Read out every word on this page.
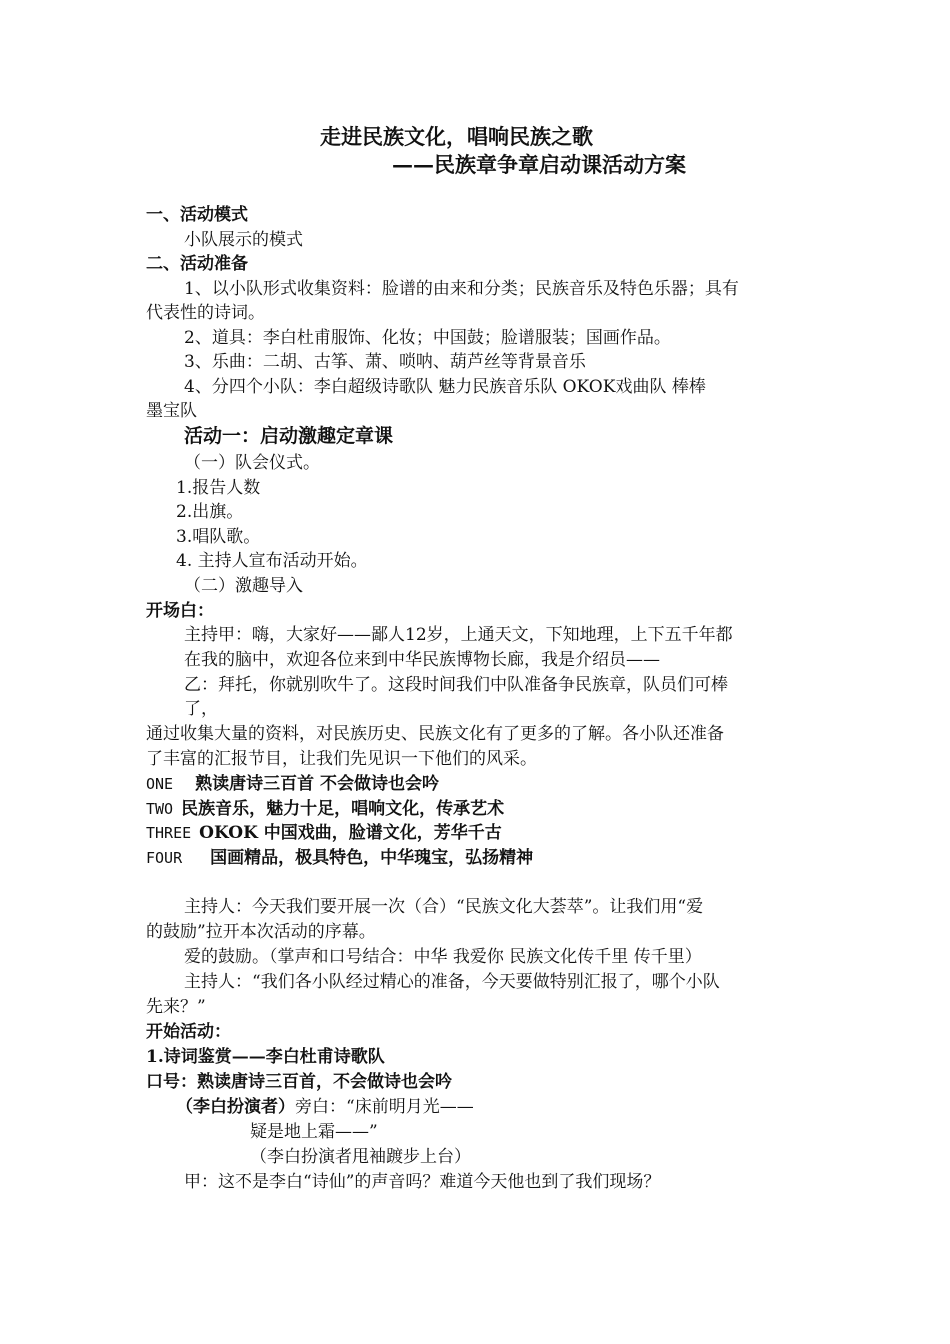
走进民族文化，唱响民族之歌
——民族章争章启动课活动方案
一、活动模式
小队展示的模式
二、活动准备
1、以小队形式收集资料：脸谱的由来和分类；民族音乐及特色乐器；具有
代表性的诗词。
2、道具：李白杜甫服饰、化妆；中国鼓；脸谱服装；国画作品。
3、乐曲：二胡、古筝、萧、唢呐、葫芦丝等背景音乐
4、分四个小队：李白超级诗歌队 魅力民族音乐队 OKOK戏曲队 棒棒
墨宝队
活动一：启动激趣定章课
（一）队会仪式。
1.报告人数
2.出旗。
3.唱队歌。
4. 主持人宣布活动开始。
（二）激趣导入
开场白：
主持甲：嗨，大家好——鄙人12岁，上通天文，下知地理，上下五千年都
在我的脑中，欢迎各位来到中华民族博物长廊，我是介绍员——
乙：拜托，你就别吹牛了。这段时间我们中队准备争民族章，队员们可棒
了，
通过收集大量的资料，对民族历史、民族文化有了更多的了解。各小队还准备
了丰富的汇报节目，让我们先见识一下他们的风采。
ONE 熟读唐诗三百首 不会做诗也会吟
TWO 民族音乐，魅力十足，唱响文化，传承艺术
THREE OKOK 中国戏曲，脸谱文化，芳华千古
FOUR 国画精品，极具特色，中华瑰宝，弘扬精神
主持人：今天我们要开展一次（合）“民族文化大荟萃”。让我们用“爱
的鼓励”拉开本次活动的序幕。
爱的鼓励。（掌声和口号结合：中华 我爱你 民族文化传千里 传千里）
主持人：“我们各小队经过精心的准备，今天要做特别汇报了，哪个小队
先来？”
开始活动：
1.诗词鉴赏——李白杜甫诗歌队
口号：熟读唐诗三百首，不会做诗也会吟
（李白扮演者）旁白：“床前明月光——
疑是地上霜——”
（李白扮演者甩袖踱步上台）
甲：这不是李白“诗仙”的声音吗？难道今天他也到了我们现场？
